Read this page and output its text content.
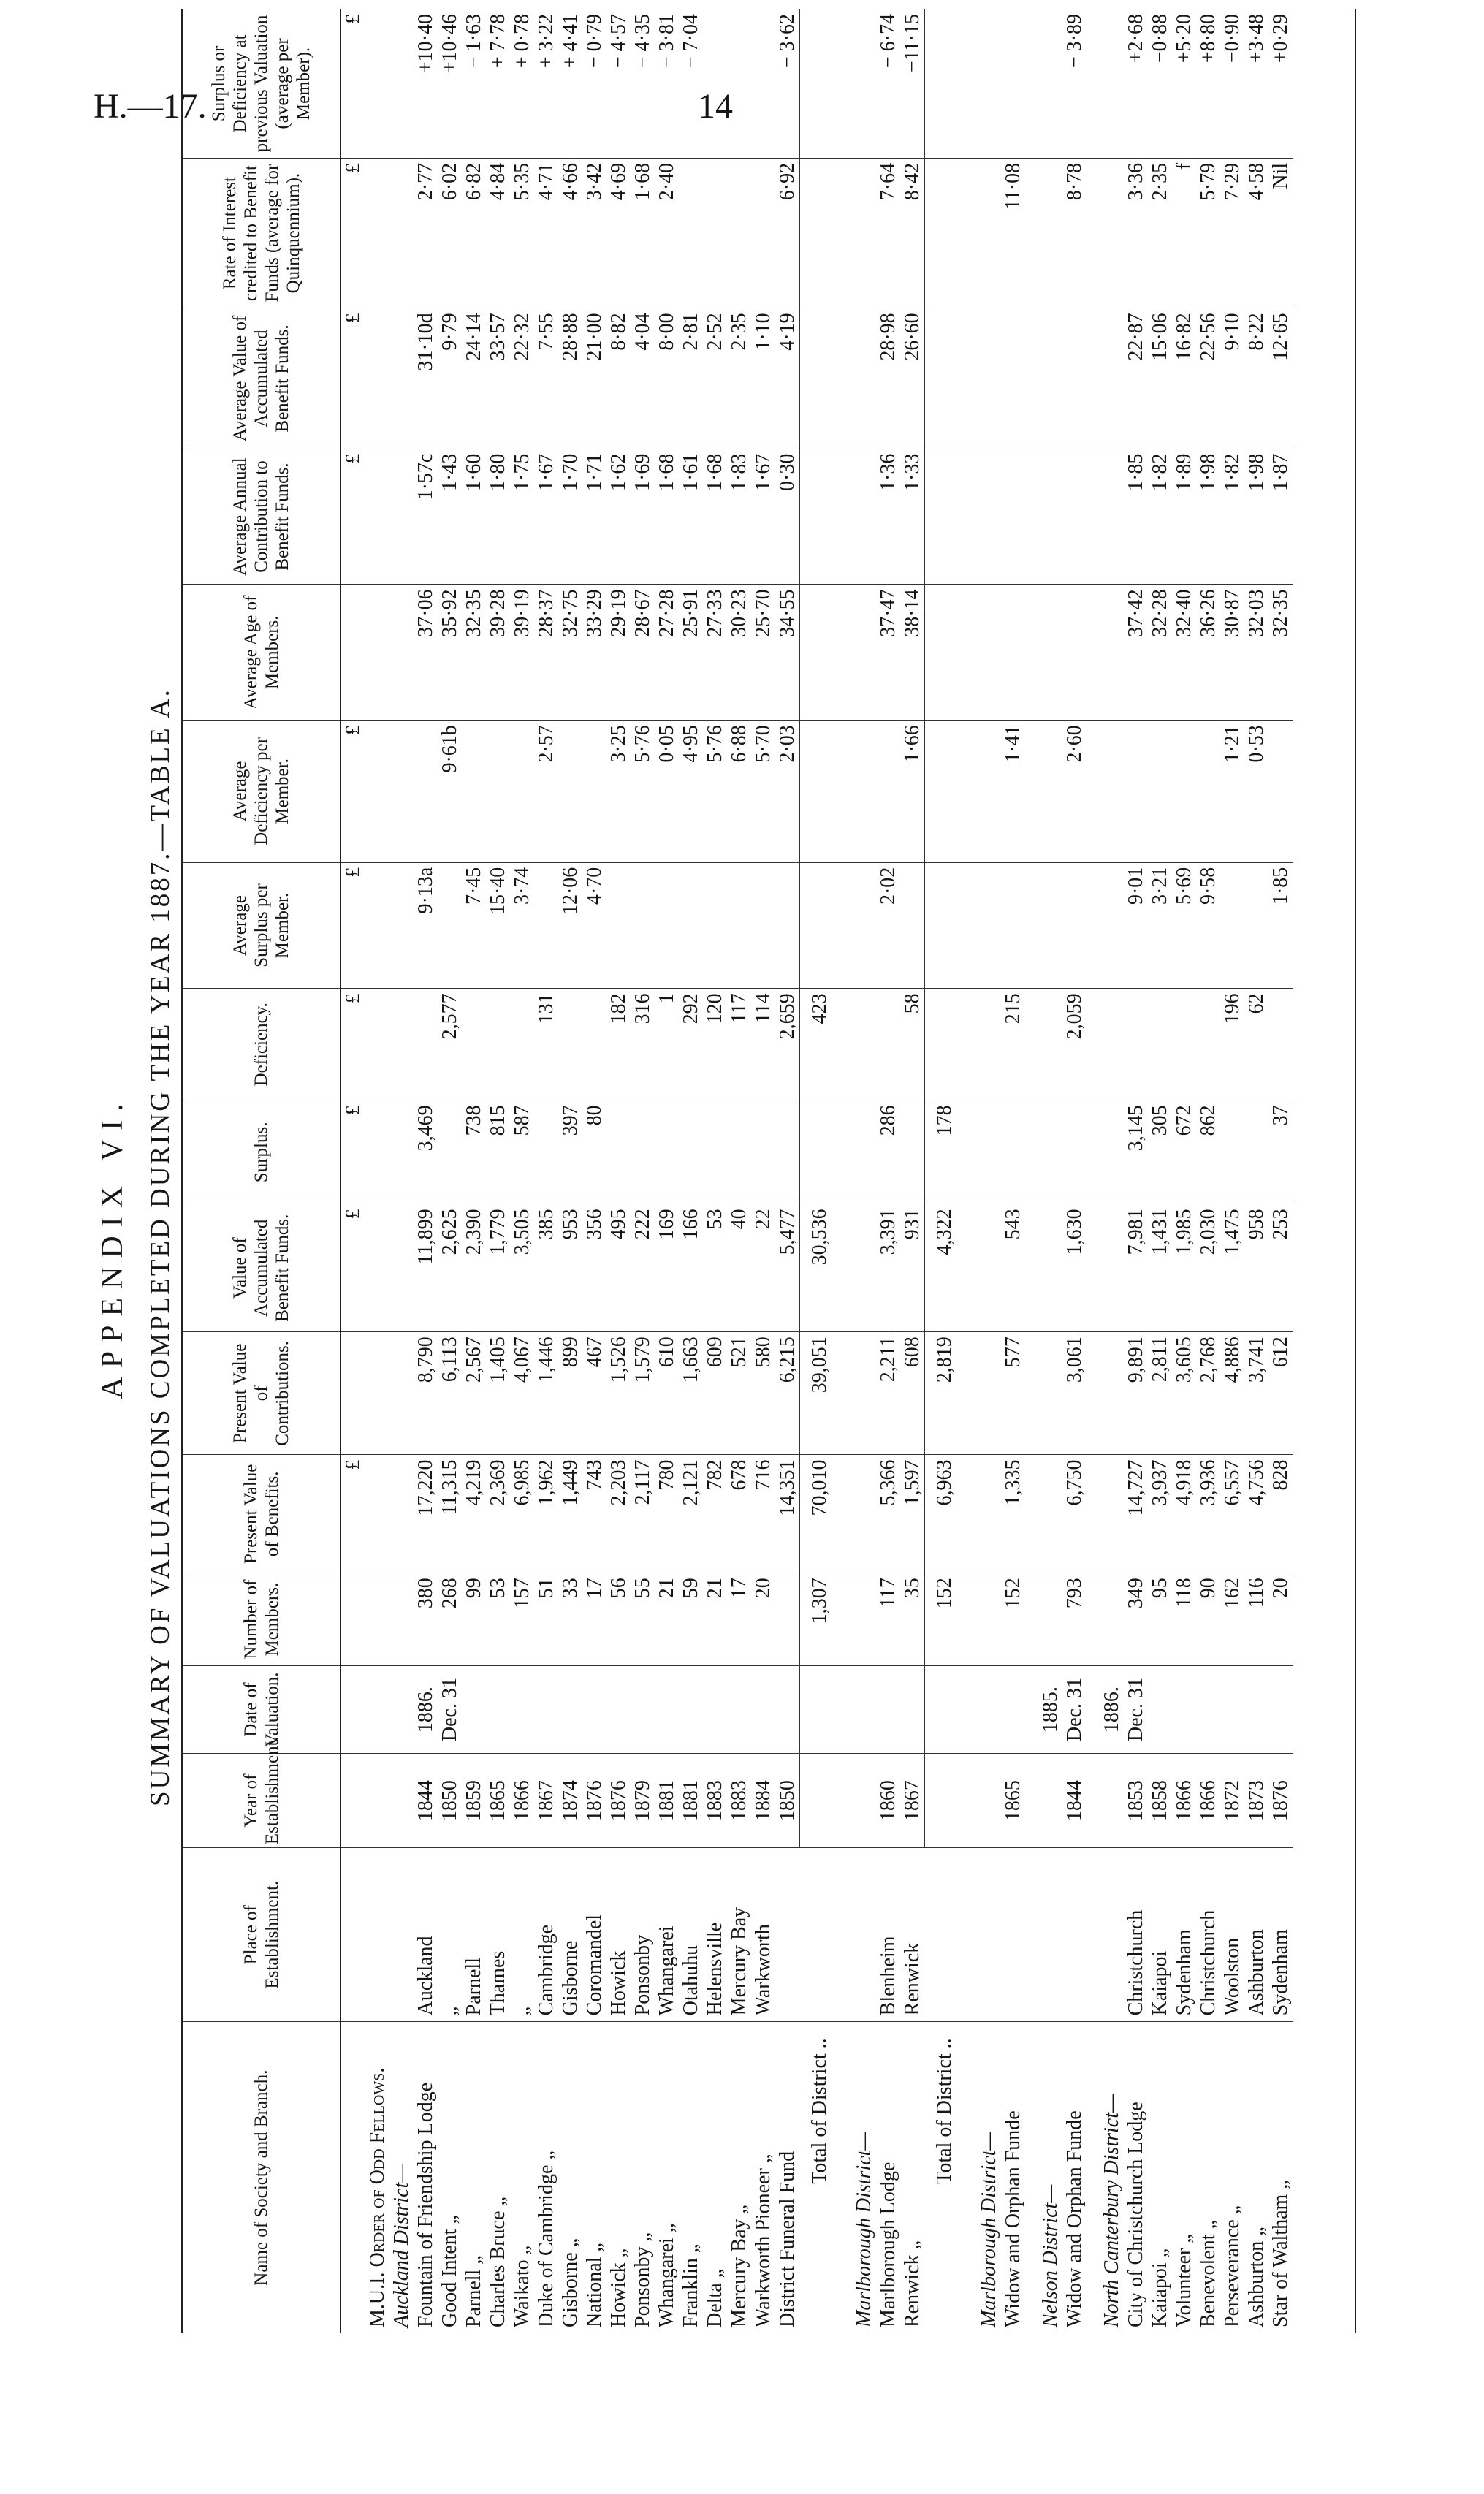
H.—17.	14
APPENDIX VI. SUMMARY OF VALUATIONS COMPLETED DURING THE YEAR 1887.—TABLE A.
Name of Society and Branch.	Place of Establishment.	Year of Establishment.	Date of Valuation.	Number of Members.	Present Value of Benefits.	Present Value of Contributions.	Value of Accumulated Benefit Funds.	Surplus.	Deficiency.	Average Surplus per Member.	Average Deficiency per Member.	Average Age of Members.	Average Annual Contribution to Benefit Funds.	Average Value of Accumulated Benefit Funds.	Rate of Interest credited to Benefit Funds (average for Quinquennium).	Surplus or Deficiency at previous Valuation (average per Member).
					£		£	£	£	£	£		£	£	£	£
M.U.I. Order of Odd Fellows.																
Auckland District—																
Fountain of Friendship Lodge	Auckland	1844	1886.	380	17,220	8,790	11,899	3,469		9·13a		37·06	1·57c	31·10d	2·77	+10·40
Good Intent „	„	1850	Dec. 31	268	11,315	6,113	2,625		2,577		9·61b	35·92	1·43	9·79	6·02	+10·46
Parnell „	Parnell	1859		99	4,219	2,567	2,390	738		7·45		32·35	1·60	24·14	6·82	− 1·63
Charles Bruce „	Thames	1865		53	2,369	1,405	1,779	815		15·40		39·28	1·80	33·57	4·84	+ 7·78
Waikato „	„	1866		157	6,985	4,067	3,505	587		3·74		39·19	1·75	22·32	5·35	+ 0·78
Duke of Cambridge „	Cambridge	1867		51	1,962	1,446	385		131		2·57	28·37	1·67	7·55	4·71	+ 3·22
Gisborne „	Gisborne	1874		33	1,449	899	953	397		12·06		32·75	1·70	28·88	4·66	+ 4·41
National „	Coromandel	1876		17	743	467	356	80		4·70		33·29	1·71	21·00	3·42	− 0·79
Howick „	Howick	1876		56	2,203	1,526	495		182		3·25	29·19	1·62	8·82	4·69	− 4·57
Ponsonby „	Ponsonby	1879		55	2,117	1,579	222		316		5·76	28·67	1·69	4·04	1·68	− 4·35
Whangarei „	Whangarei	1881		21	780	610	169		1		0·05	27·28	1·68	8·00	2·40	− 3·81
Franklin „	Otahuhu	1881		59	2,121	1,663	166		292		4·95	25·91	1·61	2·81		− 7·04
Delta „	Helensville	1883		21	782	609	53		120		5·76	27·33	1·68	2·52		
Mercury Bay „	Mercury Bay	1883		17	678	521	40		117		6·88	30·23	1·83	2·35		
Warkworth Pioneer „	Warkworth	1884		20	716	580	22		114		5·70	25·70	1·67	1·10		
District Funeral Fund		1850			14,351	6,215	5,477		2,659		2·03	34·55	0·30	4·19	6·92	− 3·62
Total of District ..				1,307	70,010	39,051	30,536		423							

Marlborough District—																
Marlborough Lodge	Blenheim	1860		117	5,366	2,211	3,391	286		2·02		37·47	1·36	28·98	7·64	− 6·74
Renwick „	Renwick	1867		35	1,597	608	931		58		1·66	38·14	1·33	26·60	8·42	−11·15
Total of District ..				152	6,963	2,819	4,322	178								

Marlborough District—																
Widow and Orphan Funde		1865		152	1,335	577	543		215		1·41				11·08	

Nelson District—			1885.													
Widow and Orphan Funde		1844	Dec. 31	793	6,750	3,061	1,630		2,059		2·60				8·78	− 3·89

North Canterbury District—			1886.													
City of Christchurch Lodge	Christchurch	1853	Dec. 31	349	14,727	9,891	7,981	3,145		9·01		37·42	1·85	22·87	3·36	+2·68
Kaiapoi „	Kaiapoi	1858		95	3,937	2,811	1,431	305		3·21		32·28	1·82	15·06	2·35	−0·88
Volunteer „	Sydenham	1866		118	4,918	3,605	1,985	672		5·69		32·40	1·89	16·82	f	+5·20
Benevolent „	Christchurch	1866		90	3,936	2,768	2,030	862		9·58		36·26	1·98	22·56	5·79	+8·80
Perseverance „	Woolston	1872		162	6,557	4,886	1,475		196		1·21	30·87	1·82	9·10	7·29	−0·90
Ashburton „	Ashburton	1873		116	4,756	3,741	958		62		0·53	32·03	1·98	8·22	4·58	+3·48
Star of Waltham „	Sydenham	1876		20	828	612	253	37		1·85		32·35	1·87	12·65	Nil	+0·29
